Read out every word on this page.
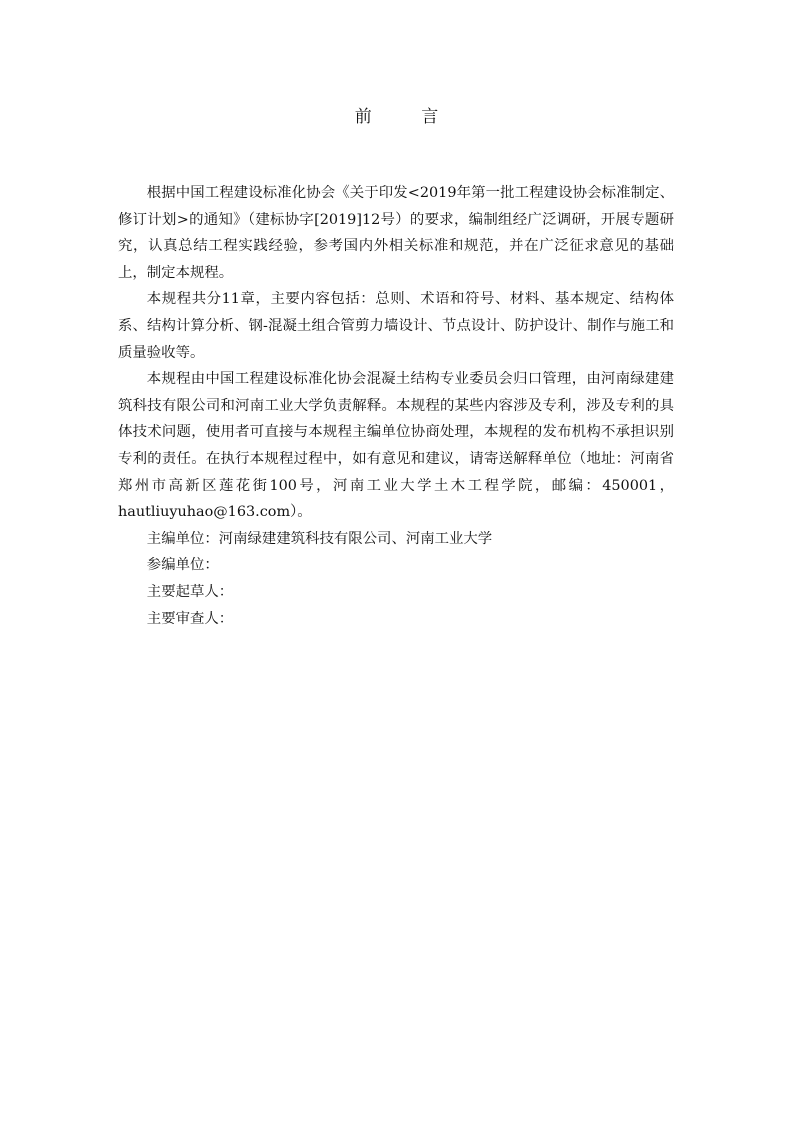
前 言

根据中国工程建设标准化协会《关于印发<2019年第一批工程建设协会标准制定、修订计划>的通知》（建标协字[2019]12号）的要求，编制组经广泛调研，开展专题研究，认真总结工程实践经验，参考国内外相关标准和规范，并在广泛征求意见的基础上，制定本规程。

本规程共分11章，主要内容包括：总则、术语和符号、材料、基本规定、结构体系、结构计算分析、钢-混凝土组合管剪力墙设计、节点设计、防护设计、制作与施工和质量验收等。

本规程由中国工程建设标准化协会混凝土结构专业委员会归口管理，由河南绿建建筑科技有限公司和河南工业大学负责解释。本规程的某些内容涉及专利，涉及专利的具体技术问题，使用者可直接与本规程主编单位协商处理，本规程的发布机构不承担识别专利的责任。在执行本规程过程中，如有意见和建议，请寄送解释单位（地址：河南省郑州市高新区莲花街100号，河南工业大学土木工程学院，邮编：450001，hautliuyuhao@163.com）。

主编单位：河南绿建建筑科技有限公司、河南工业大学

参编单位：

主要起草人：

主要审查人：
